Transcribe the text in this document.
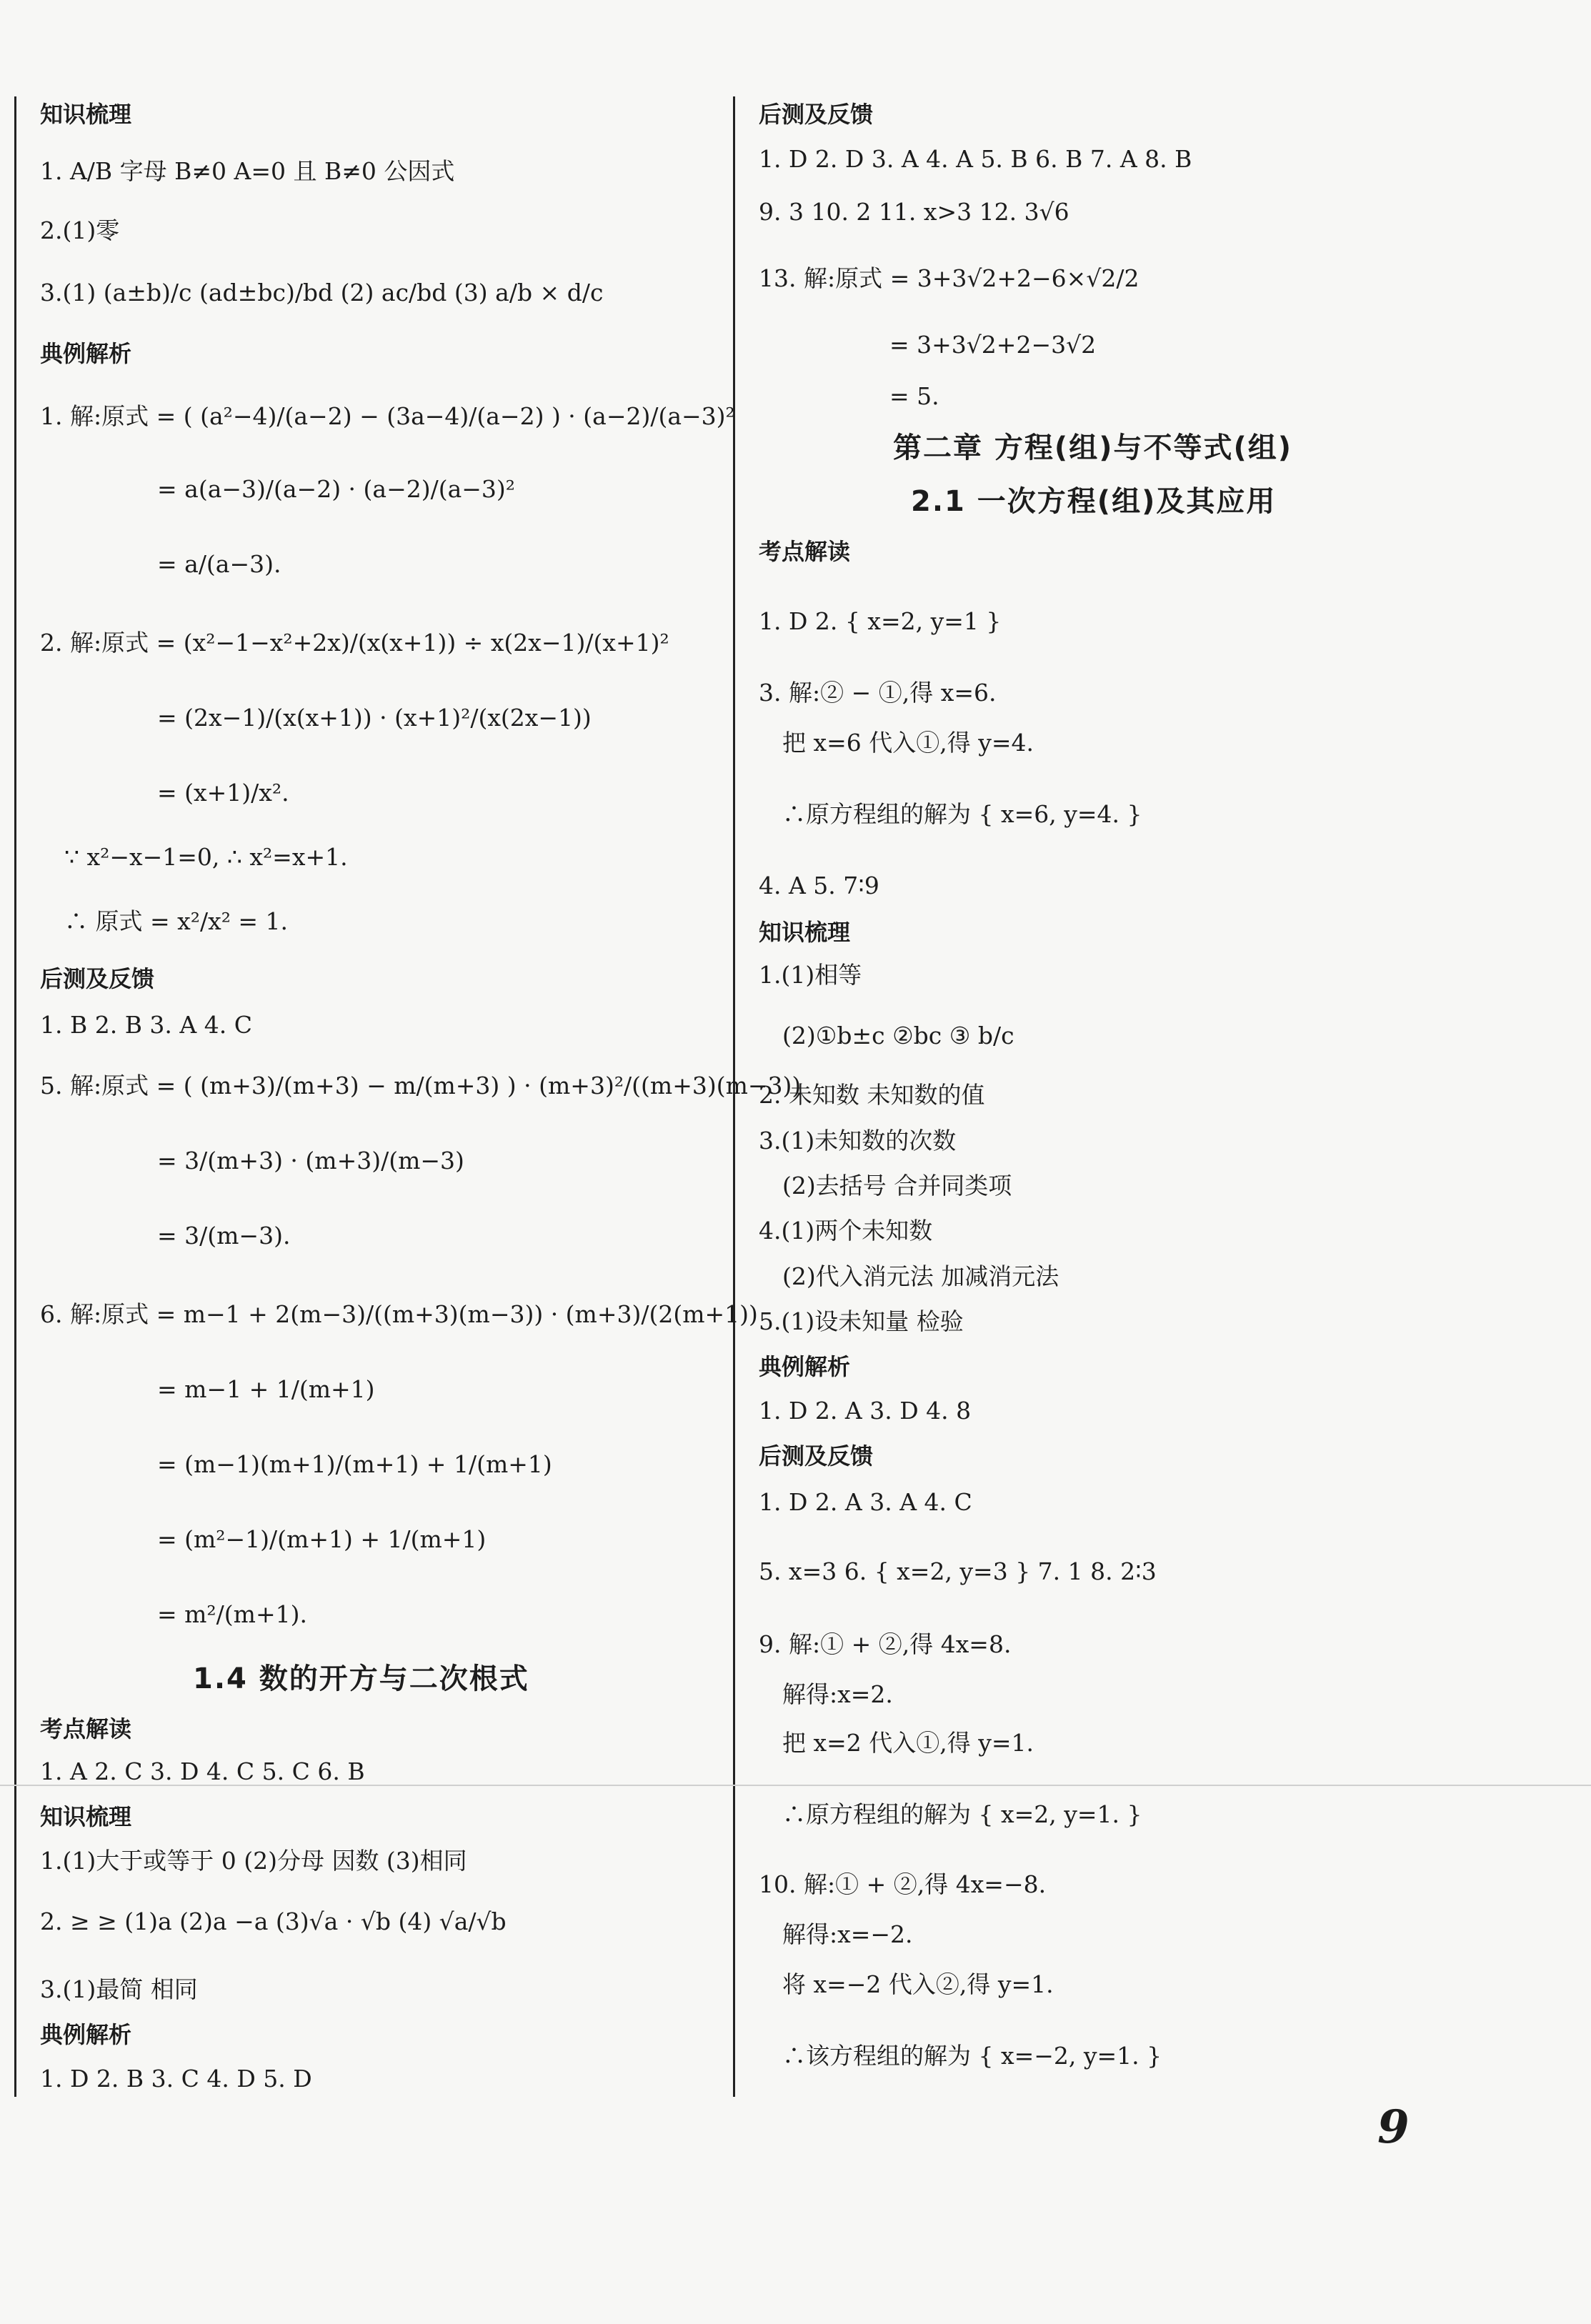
知识梳理
1. A/B 字母 B≠0 A=0 且 B≠0 公因式
2.(1)零
3.(1) (a±b)/c (ad±bc)/bd (2) ac/bd (3) a/b × d/c
典例解析
1. 解:原式 = ( (a²−4)/(a−2) − (3a−4)/(a−2) ) · (a−2)/(a−3)²
= a(a−3)/(a−2) · (a−2)/(a−3)²
= a/(a−3).
2. 解:原式 = (x²−1−x²+2x)/(x(x+1)) ÷ x(2x−1)/(x+1)²
= (2x−1)/(x(x+1)) · (x+1)²/(x(2x−1))
= (x+1)/x².
∵ x²−x−1=0, ∴ x²=x+1.
∴ 原式 = x²/x² = 1.
后测及反馈
1. B 2. B 3. A 4. C
5. 解:原式 = ( (m+3)/(m+3) − m/(m+3) ) · (m+3)²/((m+3)(m−3))
= 3/(m+3) · (m+3)/(m−3)
= 3/(m−3).
6. 解:原式 = m−1 + 2(m−3)/((m+3)(m−3)) · (m+3)/(2(m+1))
= m−1 + 1/(m+1)
= (m−1)(m+1)/(m+1) + 1/(m+1)
= (m²−1)/(m+1) + 1/(m+1)
= m²/(m+1).
1.4 数的开方与二次根式
考点解读
1. A 2. C 3. D 4. C 5. C 6. B
知识梳理
1.(1)大于或等于 0 (2)分母 因数 (3)相同
2. ≥ ≥ (1)a (2)a −a (3)√a · √b (4) √a/√b
3.(1)最简 相同
典例解析
1. D 2. B 3. C 4. D 5. D
后测及反馈
1. D 2. D 3. A 4. A 5. B 6. B 7. A 8. B
9. 3 10. 2 11. x>3 12. 3√6
13. 解:原式 = 3+3√2+2−6×√2/2
= 3+3√2+2−3√2
= 5.
第二章 方程(组)与不等式(组)
2.1 一次方程(组)及其应用
考点解读
1. D 2. { x=2, y=1 }
3. 解:② − ①,得 x=6.
把 x=6 代入①,得 y=4.
∴原方程组的解为 { x=6, y=4. }
4. A 5. 7∶9
知识梳理
1.(1)相等
(2)①b±c ②bc ③ b/c
2. 未知数 未知数的值
3.(1)未知数的次数
(2)去括号 合并同类项
4.(1)两个未知数
(2)代入消元法 加减消元法
5.(1)设未知量 检验
典例解析
1. D 2. A 3. D 4. 8
后测及反馈
1. D 2. A 3. A 4. C
5. x=3 6. { x=2, y=3 } 7. 1 8. 2∶3
9. 解:① + ②,得 4x=8.
解得:x=2.
把 x=2 代入①,得 y=1.
∴原方程组的解为 { x=2, y=1. }
10. 解:① + ②,得 4x=−8.
解得:x=−2.
将 x=−2 代入②,得 y=1.
∴该方程组的解为 { x=−2, y=1. }
9
